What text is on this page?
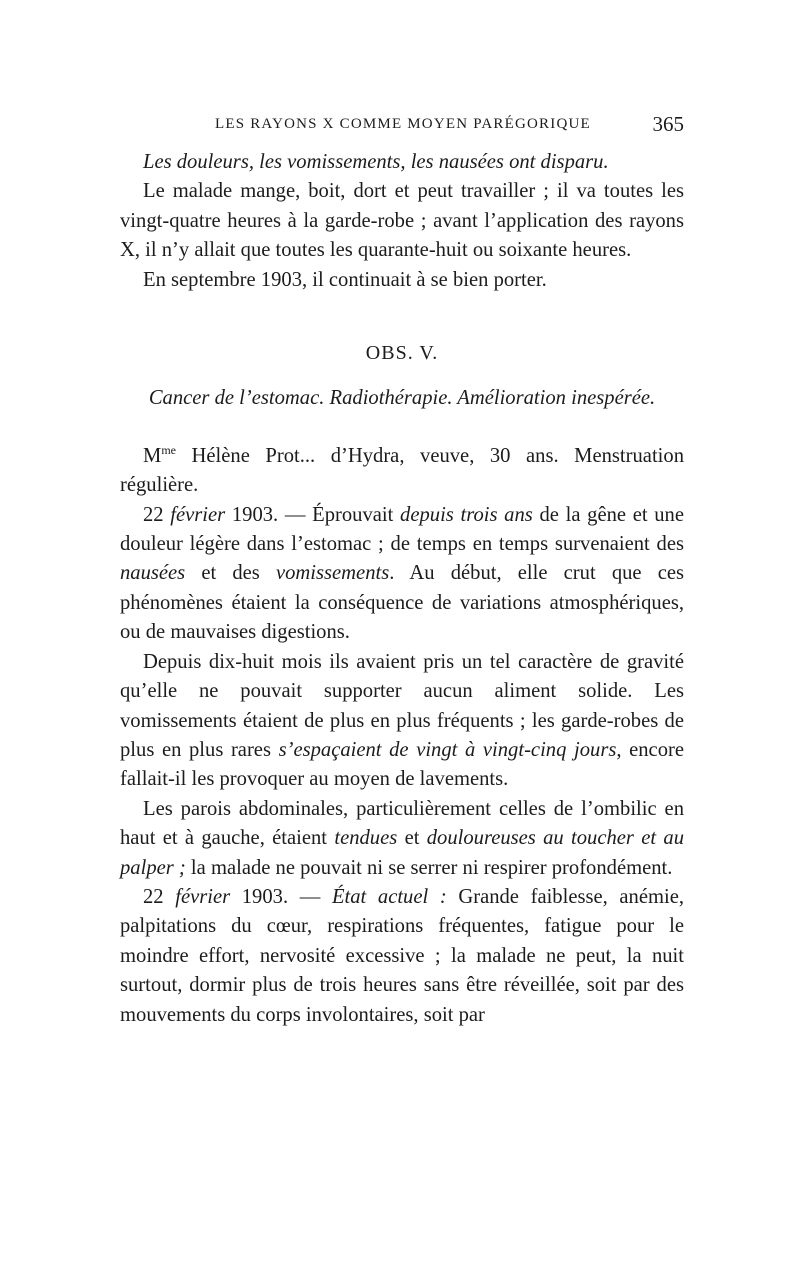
LES RAYONS X COMME MOYEN PARÉGORIQUE	365

Les douleurs, les vomissements, les nausées ont disparu.

Le malade mange, boit, dort et peut travailler ; il va toutes les vingt-quatre heures à la garde-robe ; avant l’application des rayons X, il n’y allait que toutes les quarante-huit ou soixante heures.

En septembre 1903, il continuait à se bien porter.

OBS. V.

Cancer de l’estomac. Radiothérapie. Amélioration inespérée.

$M^{me}$ Hélène Prot... d’Hydra, veuve, 30 ans. Menstruation régulière.

22 février 1903. — Éprouvait depuis trois ans de la gêne et une douleur légère dans l’estomac ; de temps en temps survenaient des nausées et des vomissements. Au début, elle crut que ces phénomènes étaient la conséquence de variations atmosphériques, ou de mauvaises digestions.

Depuis dix-huit mois ils avaient pris un tel caractère de gravité qu’elle ne pouvait supporter aucun aliment solide. Les vomissements étaient de plus en plus fréquents ; les garde-robes de plus en plus rares s’espaçaient de vingt à vingt-cinq jours, encore fallait-il les provoquer au moyen de lavements.

Les parois abdominales, particulièrement celles de l’ombilic en haut et à gauche, étaient tendues et douloureuses au toucher et au palper ; la malade ne pouvait ni se serrer ni respirer profondément.

22 février 1903. — État actuel : Grande faiblesse, anémie, palpitations du cœur, respirations fréquentes, fatigue pour le moindre effort, nervosité excessive ; la malade ne peut, la nuit surtout, dormir plus de trois heures sans être réveillée, soit par des mouvements du corps involontaires, soit par
